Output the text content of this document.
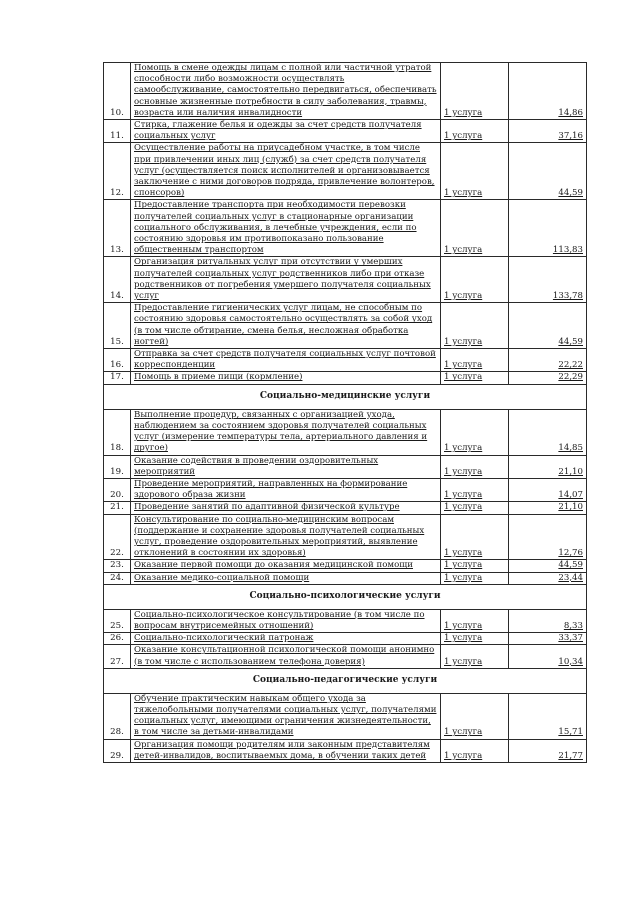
10.	Помощь в смене одежды лицам с полной или частичной утратой способности либо возможности осуществлять самообслуживание, самостоятельно передвигаться, обеспечивать основные жизненные потребности в силу заболевания, травмы, возраста или наличия инвалидности	1 услуга	14,86
11.	Стирка, глажение белья и одежды за счет средств получателя социальных услуг	1 услуга	37,16
12.	Осуществление работы на приусадебном участке, в том числе при привлечении иных лиц (служб) за счет средств получателя услуг (осуществляется поиск исполнителей и организовывается заключение с ними договоров подряда, привлечение волонтеров, спонсоров)	1 услуга	44,59
13.	Предоставление транспорта при необходимости перевозки получателей социальных услуг в стационарные организации социального обслуживания, в лечебные учреждения, если по состоянию здоровья им противопоказано пользование общественным транспортом	1 услуга	113,83
14.	Организация ритуальных услуг при отсутствии у умерших получателей социальных услуг родственников либо при отказе родственников от погребения умершего получателя социальных услуг	1 услуга	133,78
15.	Предоставление гигиенических услуг лицам, не способным по состоянию здоровья самостоятельно осуществлять за собой уход (в том числе обтирание, смена белья, несложная обработка ногтей)	1 услуга	44,59
16.	Отправка за счет средств получателя социальных услуг почтовой корреспонденции	1 услуга	22,22
17.	Помощь в приеме пищи (кормление)	1 услуга	22,29
Социально-медицинские услуги			
18.	Выполнение процедур, связанных с организацией ухода, наблюдением за состоянием здоровья получателей социальных услуг (измерение температуры тела, артериального давления и другое)	1 услуга	14,85
19.	Оказание содействия в проведении оздоровительных мероприятий	1 услуга	21,10
20.	Проведение мероприятий, направленных на формирование здорового образа жизни	1 услуга	14,07
21.	Проведение занятий по адаптивной физической культуре	1 услуга	21,10
22.	Консультирование по социально-медицинским вопросам (поддержание и сохранение здоровья получателей социальных услуг, проведение оздоровительных мероприятий, выявление отклонений в состоянии их здоровья)	1 услуга	12,76
23.	Оказание первой помощи до оказания медицинской помощи	1 услуга	44,59
24.	Оказание медико-социальной помощи	1 услуга	23,44
Социально-психологические услуги			
25.	Социально-психологическое консультирование (в том числе по вопросам внутрисемейных отношений)	1 услуга	8,33
26.	Социально-психологический патронаж	1 услуга	33,37
27.	Оказание консультационной психологической помощи анонимно (в том числе с использованием телефона доверия)	1 услуга	10,34
Социально-педагогические услуги			
28.	Обучение практическим навыкам общего ухода за тяжелобольными получателями социальных услуг, получателями социальных услуг, имеющими ограничения жизнедеятельности, в том числе за детьми-инвалидами	1 услуга	15,71
29.	Организация помощи родителям или законным представителям детей-инвалидов, воспитываемых дома, в обучении таких детей	1 услуга	21,77
